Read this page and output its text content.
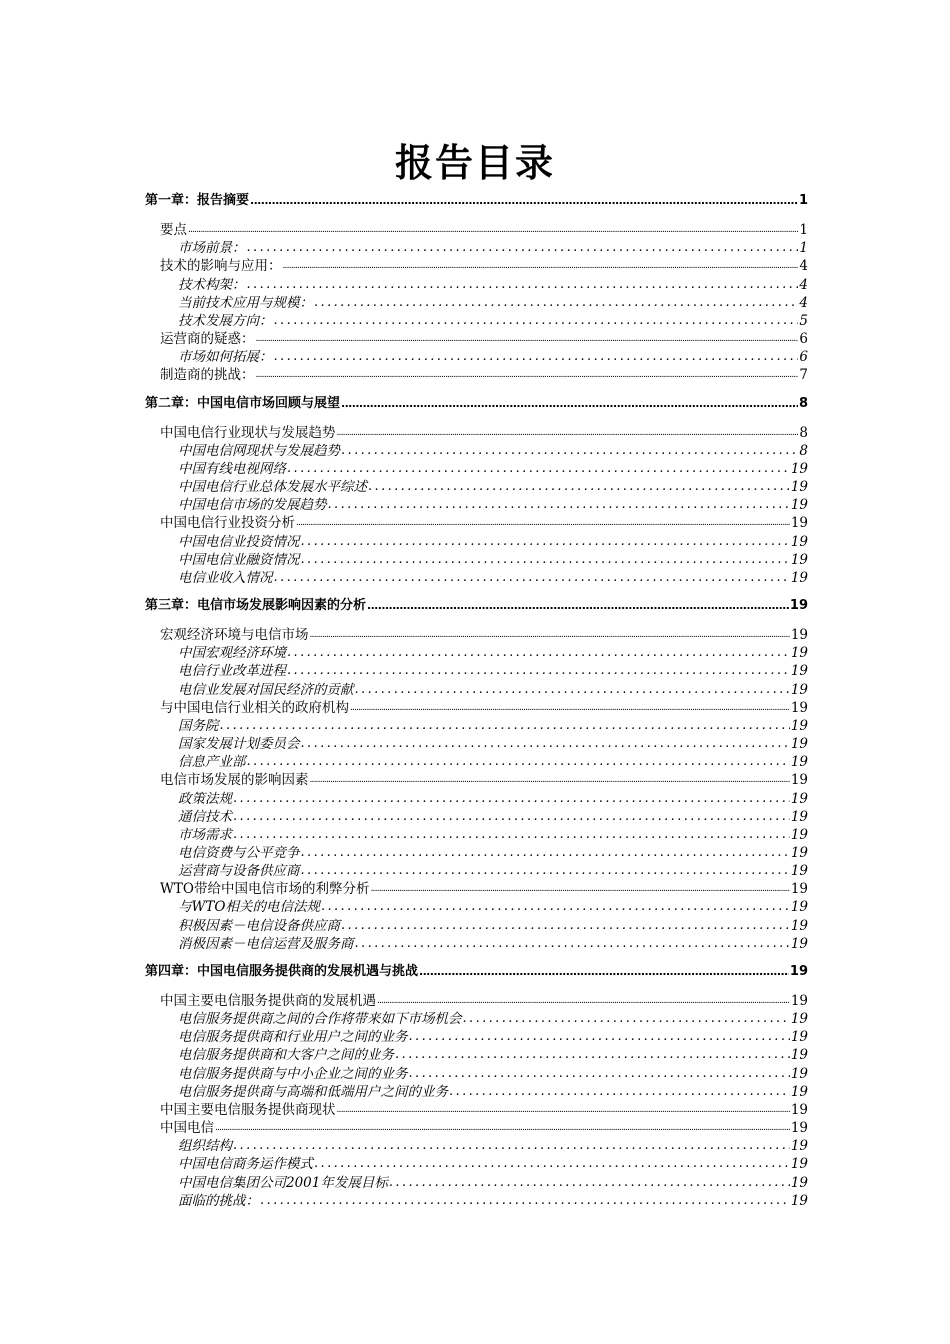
报告目录
第一章：报告摘要 .....	1
要点 .....	1
市场前景： .....	1
技术的影响与应用： .....	4
技术构架： .....	4
当前技术应用与规模： .....	4
技术发展方向： .....	5
运营商的疑惑： .....	6
市场如何拓展： .....	6
制造商的挑战： .....	7
第二章：中国电信市场回顾与展望 .....	8
中国电信行业现状与发展趋势 .....	8
中国电信网现状与发展趋势 .....	8
中国有线电视网络 .....	19
中国电信行业总体发展水平综述 .....	19
中国电信市场的发展趋势 .....	19
中国电信行业投资分析 .....	19
中国电信业投资情况 .....	19
中国电信业融资情况 .....	19
电信业收入情况 .....	19
第三章：电信市场发展影响因素的分析 .....	19
宏观经济环境与电信市场 .....	19
中国宏观经济环境 .....	19
电信行业改革进程 .....	19
电信业发展对国民经济的贡献 .....	19
与中国电信行业相关的政府机构 .....	19
国务院 .....	19
国家发展计划委员会 .....	19
信息产业部 .....	19
电信市场发展的影响因素 .....	19
政策法规 .....	19
通信技术 .....	19
市场需求 .....	19
电信资费与公平竞争 .....	19
运营商与设备供应商 .....	19
WTO带给中国电信市场的利弊分析 .....	19
与WTO相关的电信法规 .....	19
积极因素－电信设备供应商 .....	19
消极因素－电信运营及服务商 .....	19
第四章：中国电信服务提供商的发展机遇与挑战 .....	19
中国主要电信服务提供商的发展机遇 .....	19
电信服务提供商之间的合作将带来如下市场机会 .....	19
电信服务提供商和行业用户之间的业务 .....	19
电信服务提供商和大客户之间的业务 .....	19
电信服务提供商与中小企业之间的业务 .....	19
电信服务提供商与高端和低端用户之间的业务 .....	19
中国主要电信服务提供商现状 .....	19
中国电信 .....	19
组织结构 .....	19
中国电信商务运作模式 .....	19
中国电信集团公司2001年发展目标 .....	19
面临的挑战： .....	19
